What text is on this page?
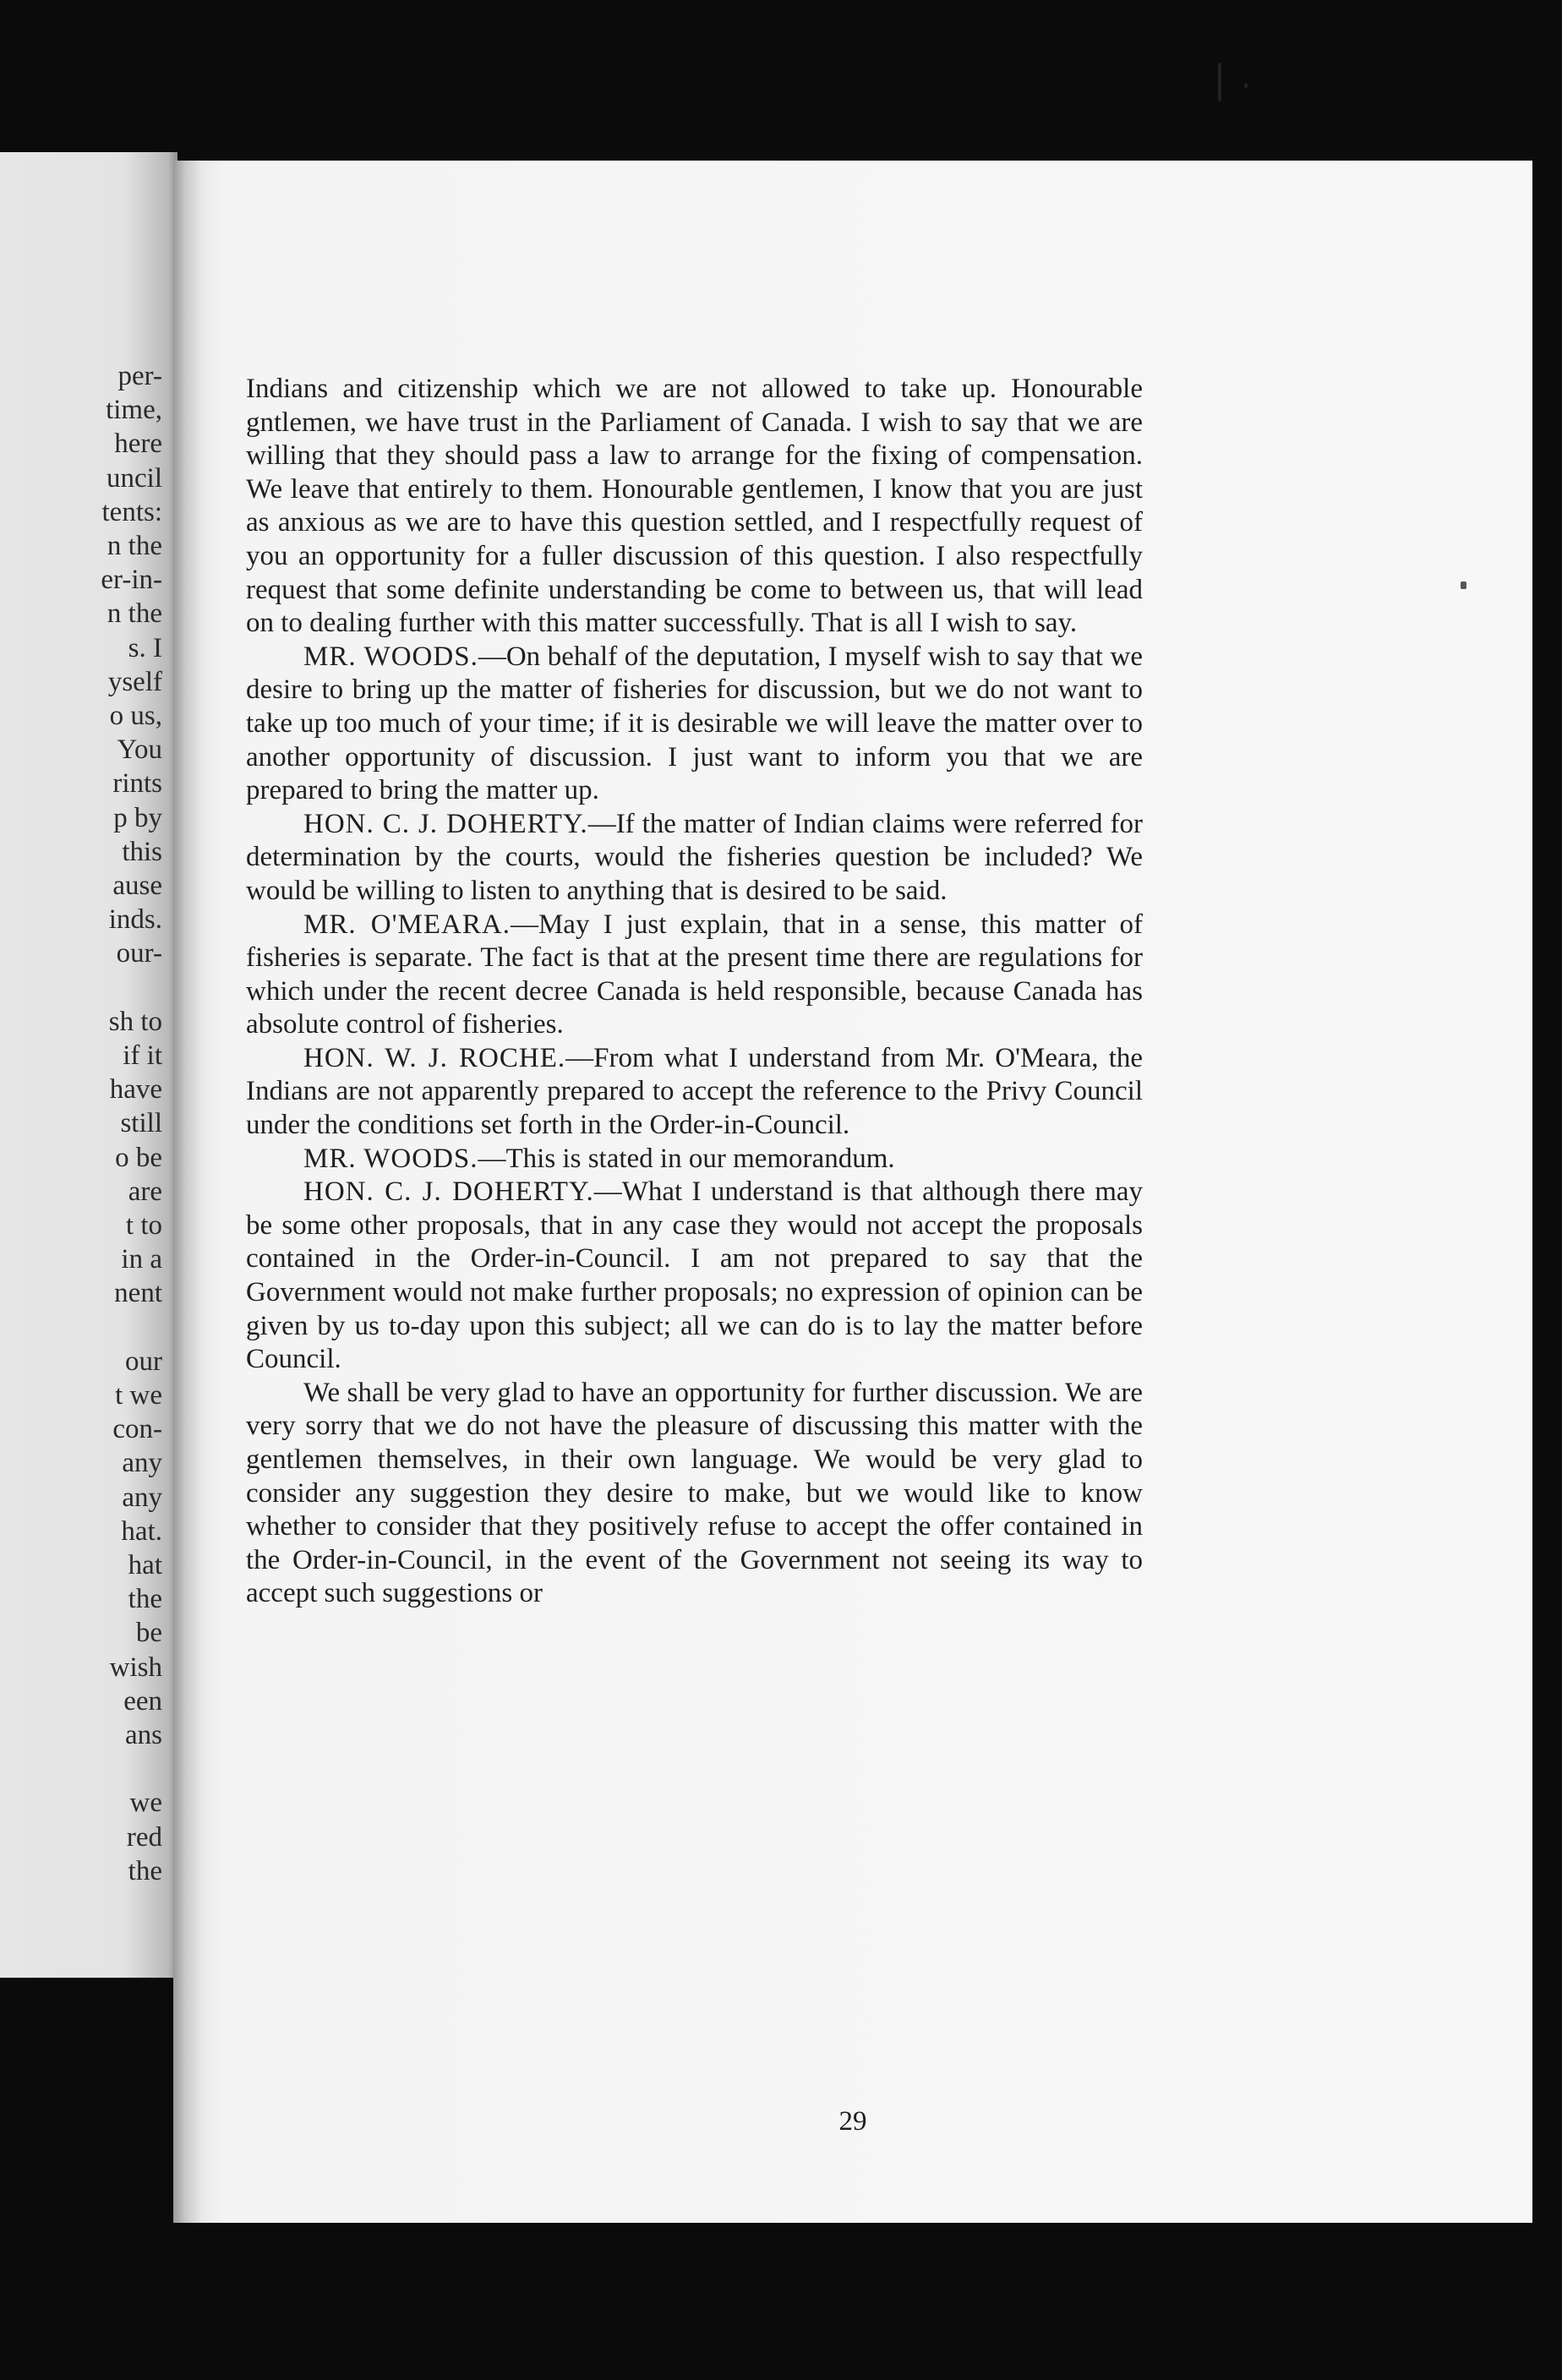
per-
time,
here
uncil
tents:
n the
er-in-
n the
s. I
yself
o us,
You
rints
p by
this
ause
inds.
our-
sh to
if it
have
still
o be
are
t to
in a
nent
our
t we
con-
any
any
hat.
hat
the
be
wish
een
ans
we
red
the

Indians and citizenship which we are not allowed to take up. Honourable gntlemen, we have trust in the Parliament of Canada. I wish to say that we are willing that they should pass a law to arrange for the fixing of compensation. We leave that entirely to them. Honourable gentlemen, I know that you are just as anxious as we are to have this question settled, and I respectfully request of you an opportunity for a fuller discussion of this question. I also respectfully request that some definite understanding be come to between us, that will lead on to dealing further with this matter successfully. That is all I wish to say.

MR. WOODS.—On behalf of the deputation, I myself wish to say that we desire to bring up the matter of fisheries for discussion, but we do not want to take up too much of your time; if it is desirable we will leave the matter over to another opportunity of discussion. I just want to inform you that we are prepared to bring the matter up.

HON. C. J. DOHERTY.—If the matter of Indian claims were referred for determination by the courts, would the fisheries question be included? We would be willing to listen to anything that is desired to be said.

MR. O'MEARA.—May I just explain, that in a sense, this matter of fisheries is separate. The fact is that at the present time there are regulations for which under the recent decree Canada is held responsible, because Canada has absolute control of fisheries.

HON. W. J. ROCHE.—From what I understand from Mr. O'Meara, the Indians are not apparently prepared to accept the reference to the Privy Council under the conditions set forth in the Order-in-Council.

MR. WOODS.—This is stated in our memorandum.

HON. C. J. DOHERTY.—What I understand is that although there may be some other proposals, that in any case they would not accept the proposals contained in the Order-in-Council. I am not prepared to say that the Government would not make further proposals; no expression of opinion can be given by us to-day upon this subject; all we can do is to lay the matter before Council.

We shall be very glad to have an opportunity for further discussion. We are very sorry that we do not have the pleasure of discussing this matter with the gentlemen themselves, in their own language. We would be very glad to consider any suggestion they desire to make, but we would like to know whether to consider that they positively refuse to accept the offer contained in the Order-in-Council, in the event of the Government not seeing its way to accept such suggestions or

29
